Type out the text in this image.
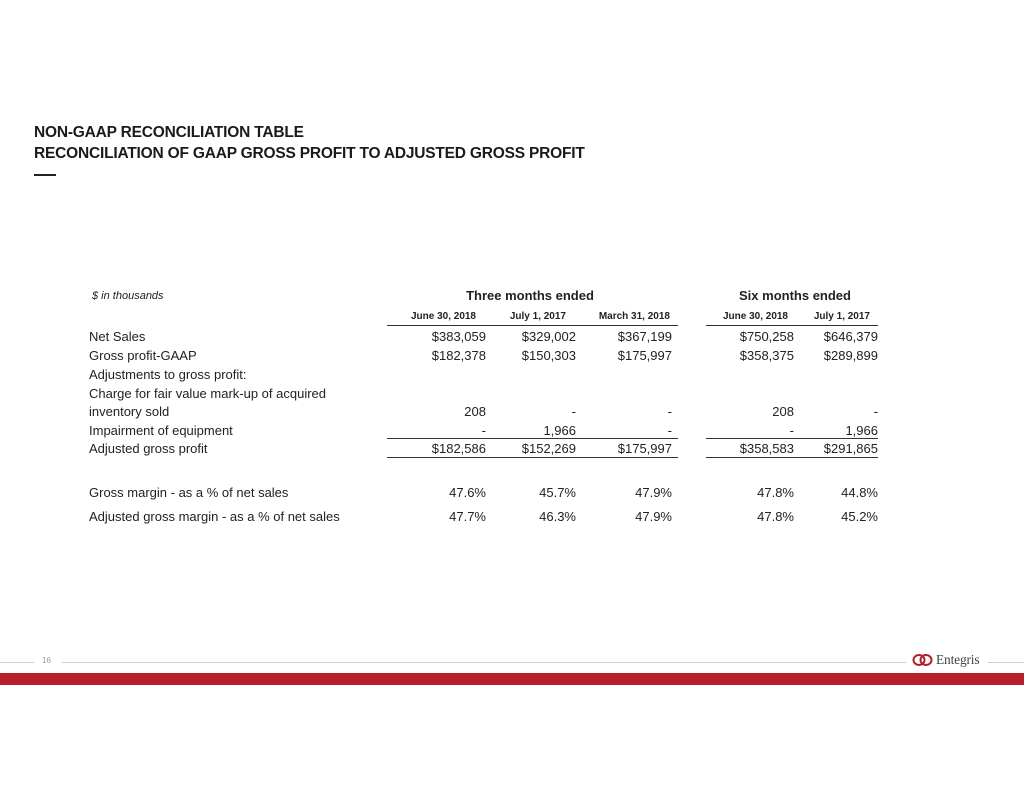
NON-GAAP RECONCILIATION TABLE
RECONCILIATION OF GAAP GROSS PROFIT TO ADJUSTED GROSS PROFIT
$ in thousands	Three months ended	Six months ended
June 30, 2018	July 1, 2017	March 31, 2018	June 30, 2018	July 1, 2017
Net Sales	$383,059	$329,002	$367,199	$750,258	$646,379
Gross profit-GAAP	$182,378	$150,303	$175,997	$358,375	$289,899
Adjustments to gross profit:
Charge for fair value mark-up of acquired
inventory sold	208	-	-	208	-
Impairment of equipment	-	1,966	-	-	1,966
Adjusted gross profit	$182,586	$152,269	$175,997	$358,583	$291,865
Gross margin - as a % of net sales	47.6%	45.7%	47.9%	47.8%	44.8%
Adjusted gross margin - as a % of net sales	47.7%	46.3%	47.9%	47.8%	45.2%
16	Entegris
